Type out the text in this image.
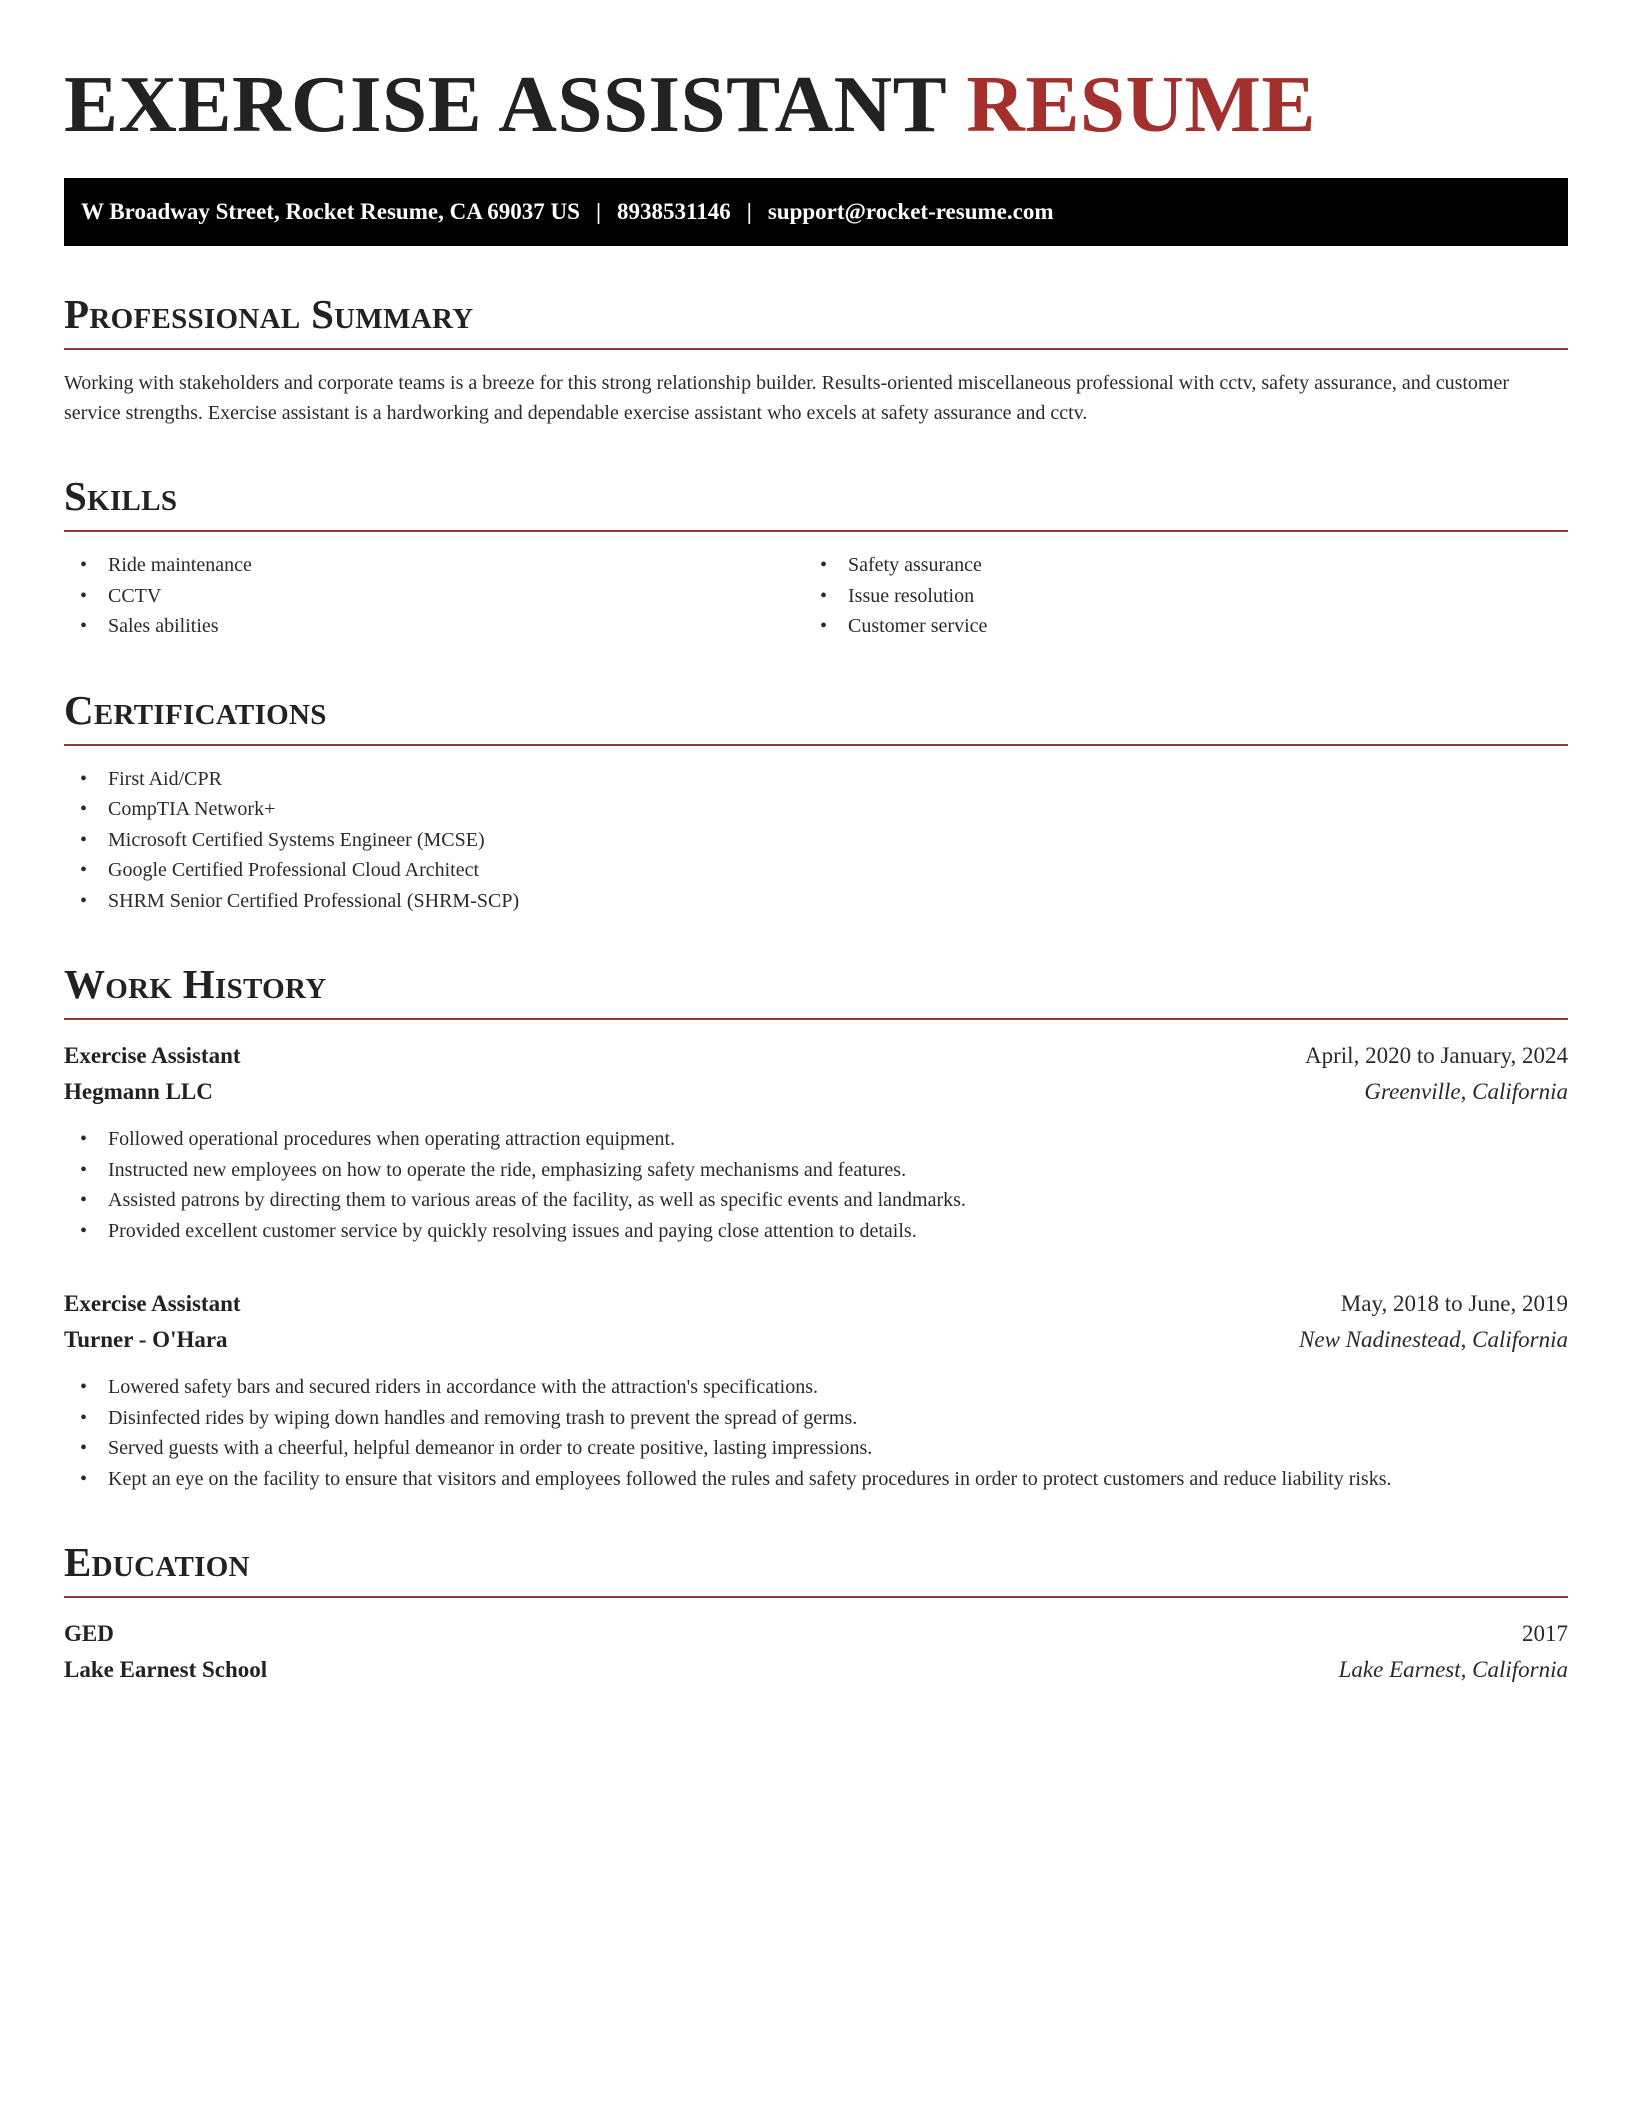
EXERCISE ASSISTANT RESUME
W Broadway Street, Rocket Resume, CA 69037 US | 8938531146 | support@rocket-resume.com
Professional Summary

Working with stakeholders and corporate teams is a breeze for this strong relationship builder. Results-oriented miscellaneous professional with cctv, safety assurance, and customer service strengths. Exercise assistant is a hardworking and dependable exercise assistant who excels at safety assurance and cctv.

Skills
• Ride maintenance
• CCTV
• Sales abilities
• Safety assurance
• Issue resolution
• Customer service
Certifications
• First Aid/CPR
• CompTIA Network+
• Microsoft Certified Systems Engineer (MCSE)
• Google Certified Professional Cloud Architect
• SHRM Senior Certified Professional (SHRM-SCP)
Work History
Exercise Assistant	April, 2020 to January, 2024
Hegmann LLC	Greenville, California
• Followed operational procedures when operating attraction equipment.
• Instructed new employees on how to operate the ride, emphasizing safety mechanisms and features.
• Assisted patrons by directing them to various areas of the facility, as well as specific events and landmarks.
• Provided excellent customer service by quickly resolving issues and paying close attention to details.
Exercise Assistant	May, 2018 to June, 2019
Turner - O'Hara	New Nadinestead, California
• Lowered safety bars and secured riders in accordance with the attraction's specifications.
• Disinfected rides by wiping down handles and removing trash to prevent the spread of germs.
• Served guests with a cheerful, helpful demeanor in order to create positive, lasting impressions.
• Kept an eye on the facility to ensure that visitors and employees followed the rules and safety procedures in order to protect customers and reduce liability risks.
Education
GED	2017
Lake Earnest School	Lake Earnest, California
